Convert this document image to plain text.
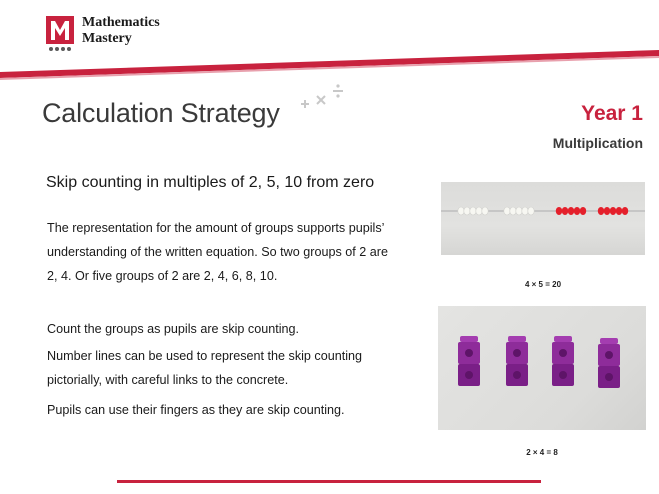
Mathematics
Mastery
Calculation Strategy	Year 1
Multiplication
Skip counting in multiples of 2, 5, 10 from zero
The representation for the amount of groups supports pupils’ understanding of the written equation. So two groups of 2 are 2, 4. Or five groups of 2 are 2, 4, 6, 8, 10.
Count the groups as pupils are skip counting.
Number lines can be used to represent the skip counting pictorially, with careful links to the concrete.
Pupils can use their fingers as they are skip counting.
4 × 5 = 20
2 × 4 = 8
